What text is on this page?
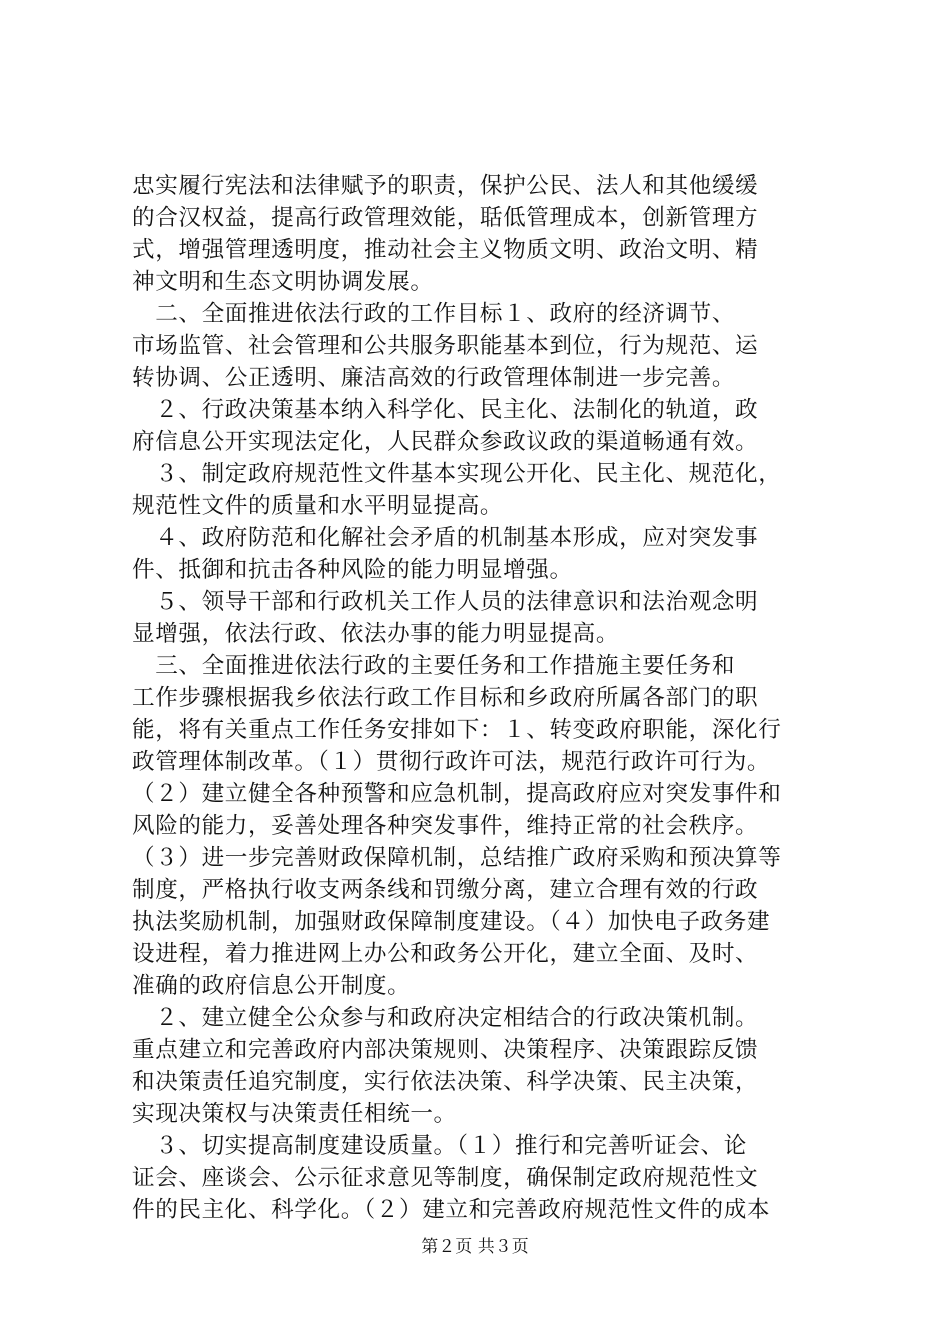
忠实履行宪法和法律赋予的职责，保护公民、法人和其他缓缓
的合汉权益，提高行政管理效能，聒低管理成本，创新管理方
式，增强管理透明度，推动社会主义物质文明、政治文明、精
神文明和生态文明协调发展。
　二、全面推进依法行政的工作目标１、政府的经济调节、
市场监管、社会管理和公共服务职能基本到位，行为规范、运
转协调、公正透明、廉洁高效的行政管理体制进一步完善。
　２、行政决策基本纳入科学化、民主化、法制化的轨道，政
府信息公开实现法定化，人民群众参政议政的渠道畅通有效。
　３、制定政府规范性文件基本实现公开化、民主化、规范化，
规范性文件的质量和水平明显提高。
　４、政府防范和化解社会矛盾的机制基本形成，应对突发事
件、抵御和抗击各种风险的能力明显增强。
　５、领导干部和行政机关工作人员的法律意识和法治观念明
显增强，依法行政、依法办事的能力明显提高。
　三、全面推进依法行政的主要任务和工作措施主要任务和
工作步骤根据我乡依法行政工作目标和乡政府所属各部门的职
能，将有关重点工作任务安排如下：１、转变政府职能，深化行
政管理体制改革。（１）贯彻行政许可法，规范行政许可行为。
（２）建立健全各种预警和应急机制，提高政府应对突发事件和
风险的能力，妥善处理各种突发事件，维持正常的社会秩序。
（３）进一步完善财政保障机制，总结推广政府采购和预决算等
制度，严格执行收支两条线和罚缴分离，建立合理有效的行政
执法奖励机制，加强财政保障制度建设。（４）加快电子政务建
设进程，着力推进网上办公和政务公开化，建立全面、及时、
准确的政府信息公开制度。
　２、建立健全公众参与和政府决定相结合的行政决策机制。
重点建立和完善政府内部决策规则、决策程序、决策跟踪反馈
和决策责任追究制度，实行依法决策、科学决策、民主决策，
实现决策权与决策责任相统一。
　３、切实提高制度建设质量。（１）推行和完善听证会、论
证会、座谈会、公示征求意见等制度，确保制定政府规范性文
件的民主化、科学化。（２）建立和完善政府规范性文件的成本
第２页 共３页
